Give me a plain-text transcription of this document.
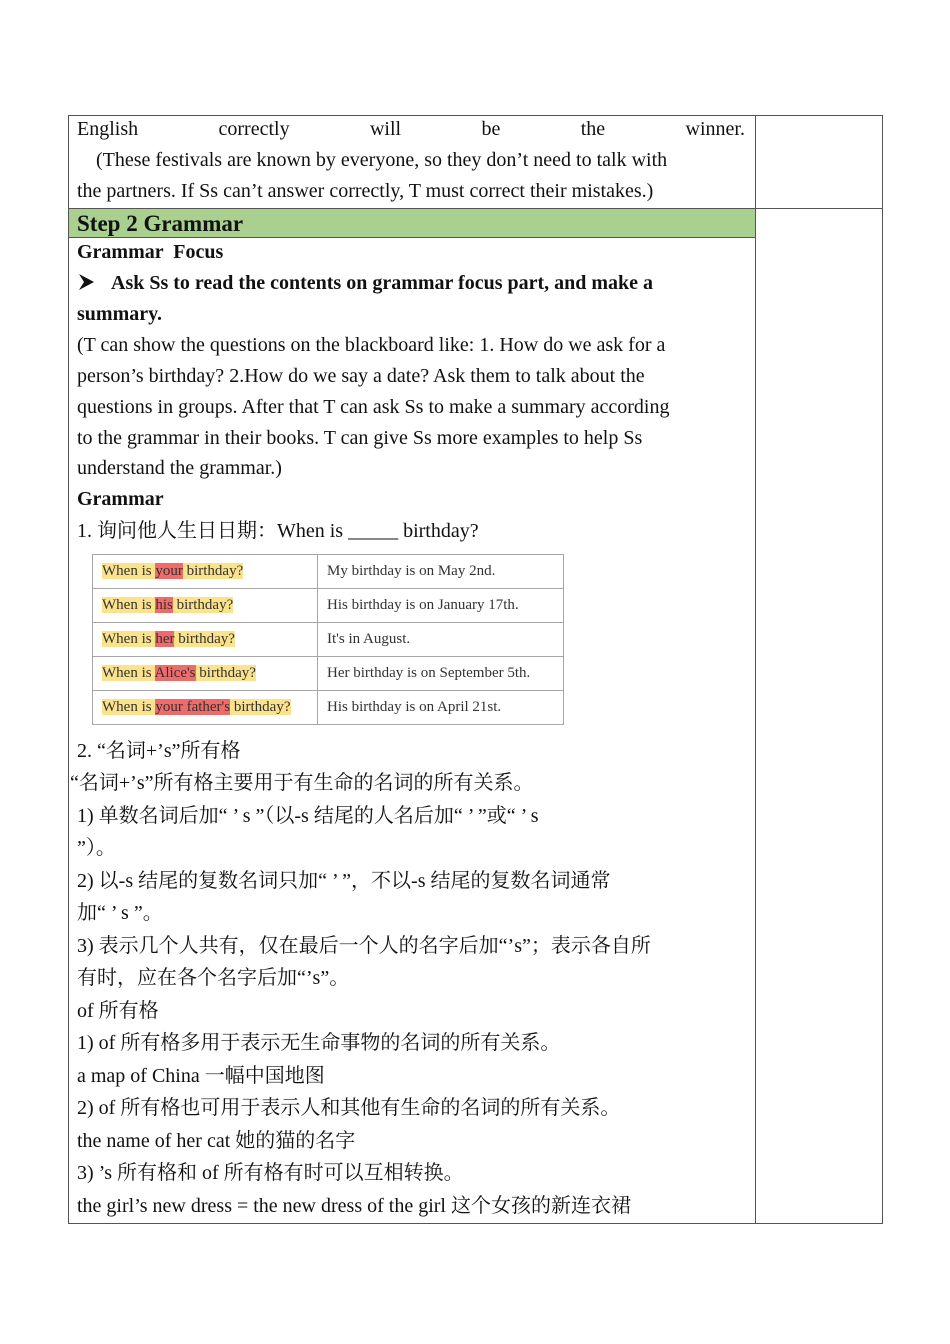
English correctly will be the winner.
(These festivals are known by everyone, so they don’t need to talk with
the partners. If Ss can’t answer correctly, T must correct their mistakes.)
Step 2 Grammar
Grammar  Focus
Ask Ss to read the contents on grammar focus part, and make a
summary.
(T can show the questions on the blackboard like: 1. How do we ask for a
person’s birthday? 2.How do we say a date? Ask them to talk about the
questions in groups. After that T can ask Ss to make a summary according
to the grammar in their books. T can give Ss more examples to help Ss
understand the grammar.)
Grammar
1. 询问他人生日日期：When is _____ birthday?
When is your birthday?	My birthday is on May 2nd.
When is his birthday?	His birthday is on January 17th.
When is her birthday?	It's in August.
When is Alice's birthday?	Her birthday is on September 5th.
When is your father's birthday?	His birthday is on April 21st.
2. “名词+’s”所有格
“名词+’s”所有格主要用于有生命的名词的所有关系。
1) 单数名词后加“ ’ s ”（以-s 结尾的人名后加“ ’ ”或“ ’ s
”）。
2) 以-s 结尾的复数名词只加“ ’ ”，不以-s 结尾的复数名词通常
加“ ’ s ”。
3) 表示几个人共有，仅在最后一个人的名字后加“’s”；表示各自所
有时，应在各个名字后加“’s”。
of 所有格
1) of 所有格多用于表示无生命事物的名词的所有关系。
a map of China 一幅中国地图
2) of 所有格也可用于表示人和其他有生命的名词的所有关系。
the name of her cat 她的猫的名字
3) ’s 所有格和 of 所有格有时可以互相转换。
the girl’s new dress = the new dress of the girl 这个女孩的新连衣裙
